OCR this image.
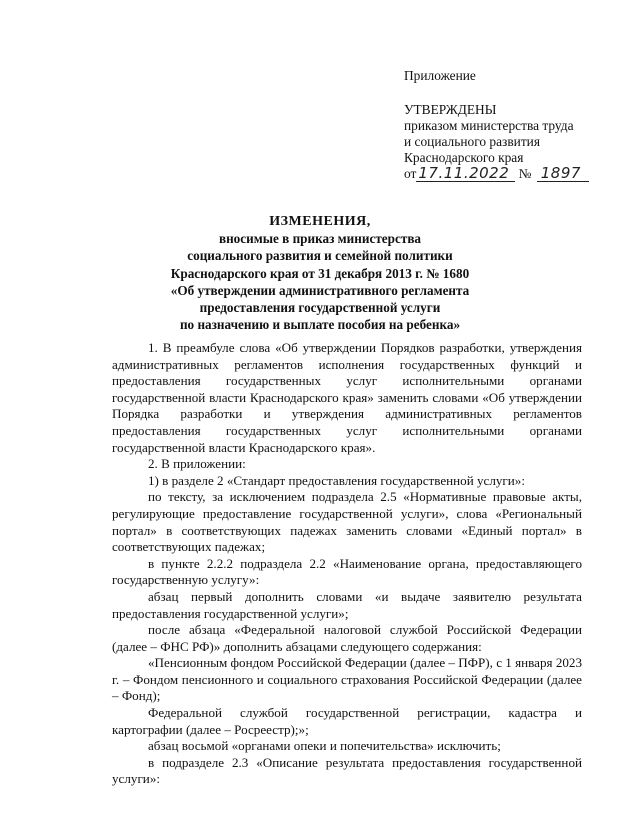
Приложение
УТВЕРЖДЕНЫ
приказом министерства труда
и социального развития
Краснодарского края
от 17.11.2022 № 1897
ИЗМЕНЕНИЯ,
вносимые в приказ министерства
социального развития и семейной политики
Краснодарского края от 31 декабря 2013 г. № 1680
«Об утверждении административного регламента
предоставления государственной услуги
по назначению и выплате пособия на ребенка»

1. В преамбуле слова «Об утверждении Порядков разработки, утверждения административных регламентов исполнения государственных функций и предоставления государственных услуг исполнительными органами государственной власти Краснодарского края» заменить словами «Об утверждении Порядка разработки и утверждения административных регламентов предоставления государственных услуг исполнительными органами государственной власти Краснодарского края».

2. В приложении:

1) в разделе 2 «Стандарт предоставления государственной услуги»:

по тексту, за исключением подраздела 2.5 «Нормативные правовые акты, регулирующие предоставление государственной услуги», слова «Региональный портал» в соответствующих падежах заменить словами «Единый портал» в соответствующих падежах;

в пункте 2.2.2 подраздела 2.2 «Наименование органа, предоставляющего государственную услугу»:

абзац первый дополнить словами «и выдаче заявителю результата предоставления государственной услуги»;

после абзаца «Федеральной налоговой службой Российской Федерации (далее – ФНС РФ)» дополнить абзацами следующего содержания:

«Пенсионным фондом Российской Федерации (далее – ПФР), с 1 января 2023 г. – Фондом пенсионного и социального страхования Российской Федерации (далее – Фонд);

Федеральной службой государственной регистрации, кадастра и картографии (далее – Росреестр);»;

абзац восьмой «органами опеки и попечительства» исключить;

в подразделе 2.3 «Описание результата предоставления государственной услуги»:
